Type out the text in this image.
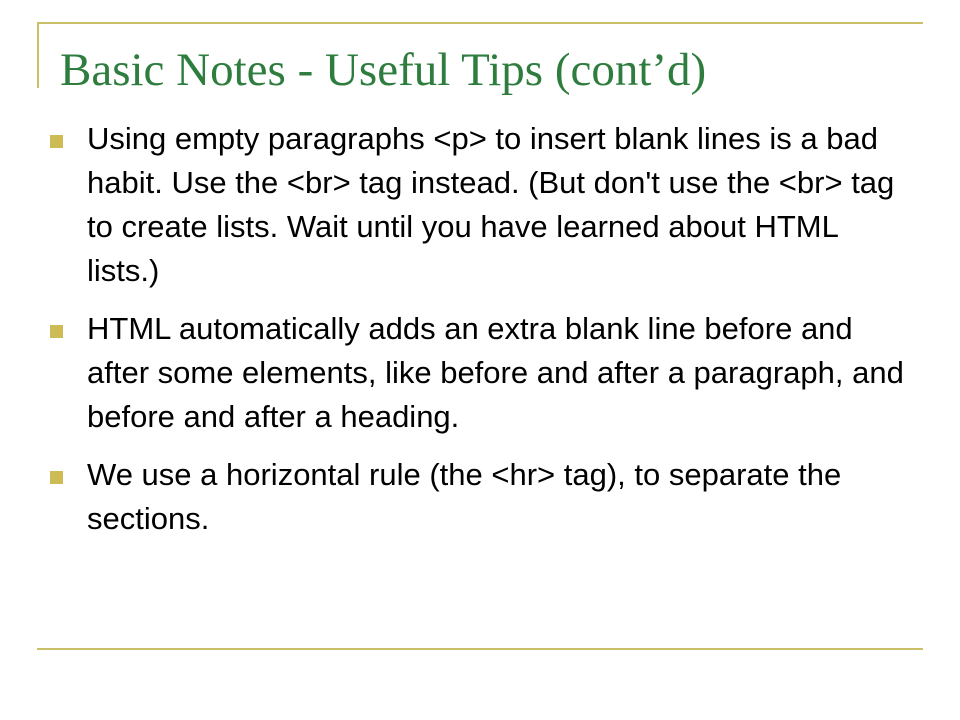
Basic Notes - Useful Tips (cont’d)
Using empty paragraphs <p> to insert blank lines is a bad habit. Use the <br> tag instead. (But don't use the <br> tag to create lists. Wait until you have learned about HTML lists.)
HTML automatically adds an extra blank line before and after some elements, like before and after a paragraph, and before and after a heading.
We use a horizontal rule (the <hr> tag), to separate the sections.
